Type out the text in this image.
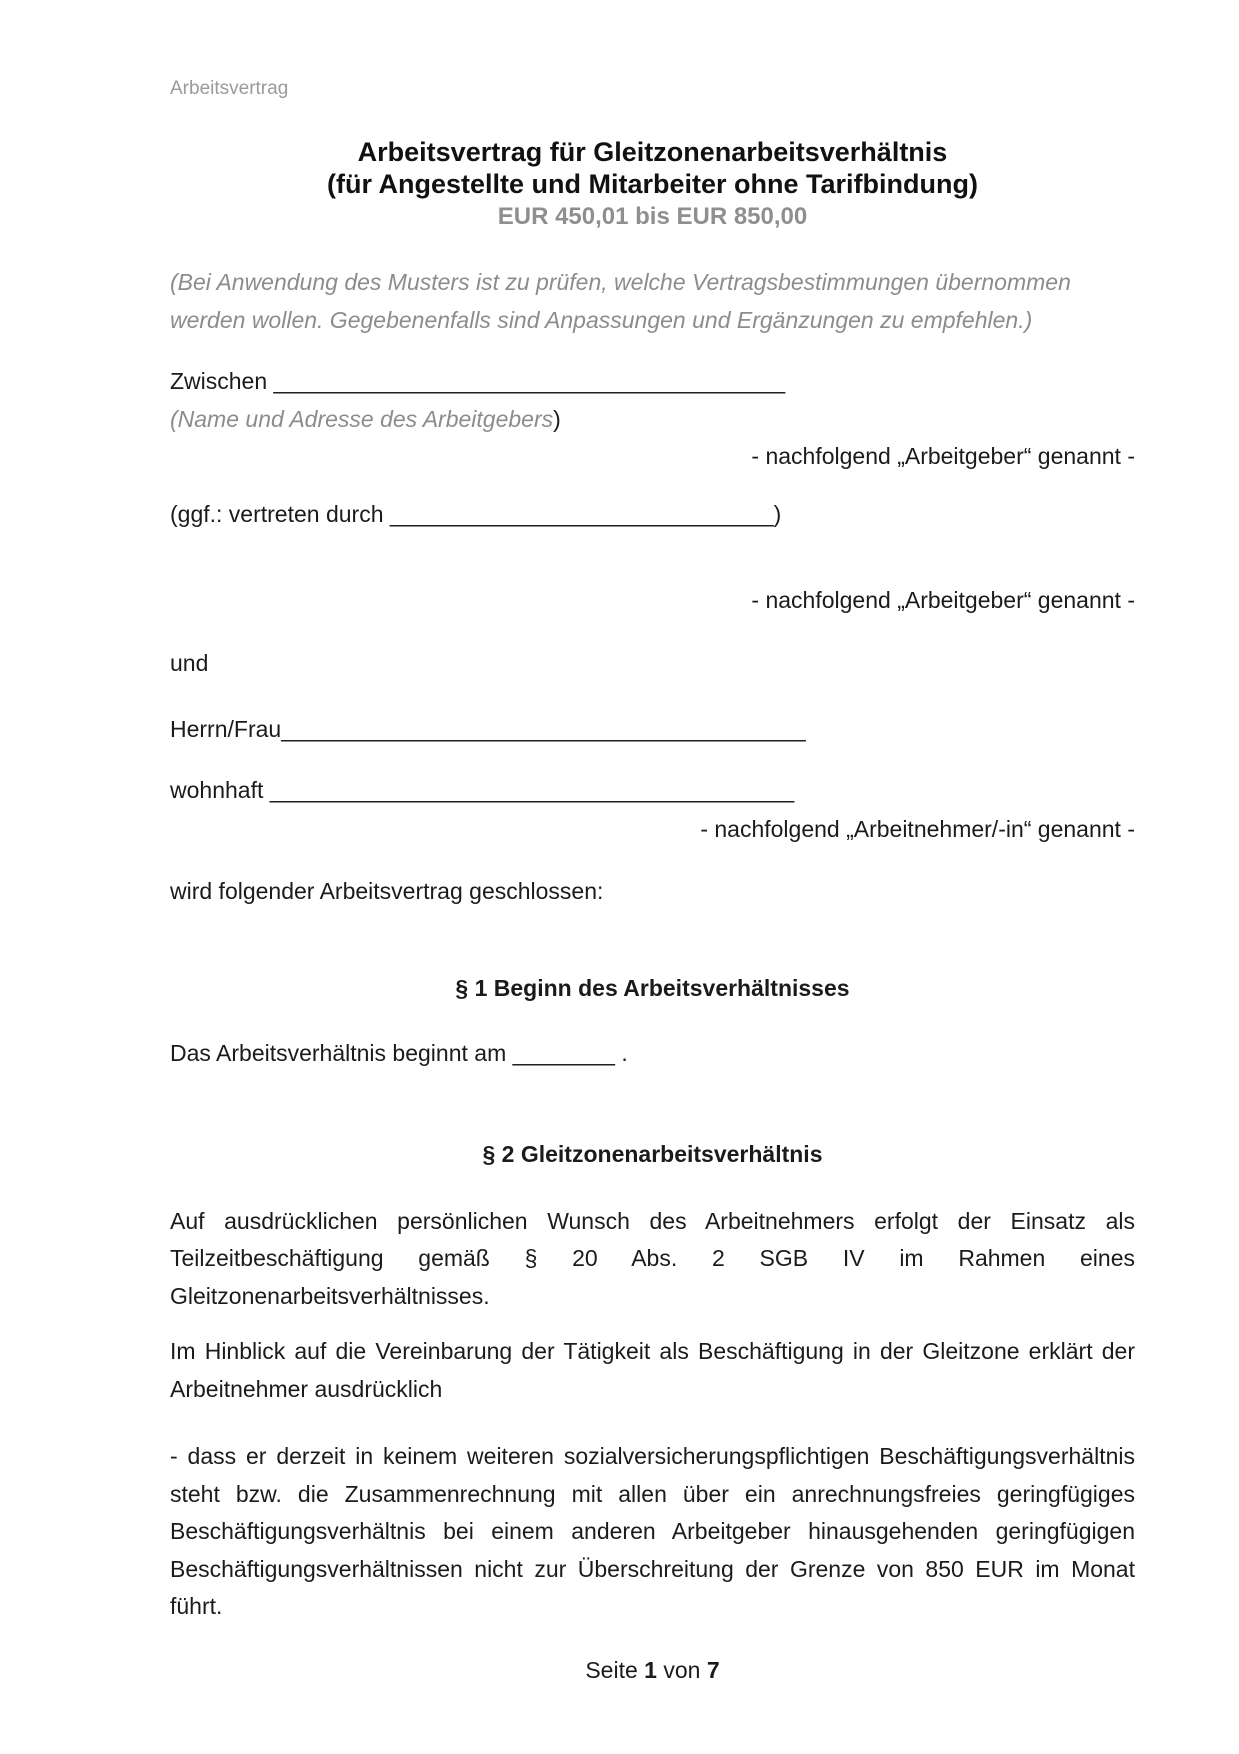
Arbeitsvertrag
Arbeitsvertrag für Gleitzonenarbeitsverhältnis
(für Angestellte und Mitarbeiter ohne Tarifbindung)
EUR 450,01 bis EUR 850,00
(Bei Anwendung des Musters ist zu prüfen, welche Vertragsbestimmungen übernommen werden wollen. Gegebenenfalls sind Anpassungen und Ergänzungen zu empfehlen.)
Zwischen ________________________________________
(Name und Adresse des Arbeitgebers)
- nachfolgend „Arbeitgeber“ genannt -
(ggf.: vertreten durch ______________________________)
- nachfolgend „Arbeitgeber“ genannt -
und
Herrn/Frau_________________________________________
wohnhaft _________________________________________
- nachfolgend „Arbeitnehmer/-in“ genannt -
wird folgender Arbeitsvertrag geschlossen:
§ 1 Beginn des Arbeitsverhältnisses
Das Arbeitsverhältnis beginnt am ________ .
§ 2 Gleitzonenarbeitsverhältnis
Auf ausdrücklichen persönlichen Wunsch des Arbeitnehmers erfolgt der Einsatz als Teilzeitbeschäftigung gemäß § 20 Abs. 2 SGB IV im Rahmen eines Gleitzonenarbeitsverhältnisses.
Im Hinblick auf die Vereinbarung der Tätigkeit als Beschäftigung in der Gleitzone erklärt der Arbeitnehmer ausdrücklich
- dass er derzeit in keinem weiteren sozialversicherungspflichtigen Beschäftigungsverhältnis steht bzw. die Zusammenrechnung mit allen über ein anrechnungsfreies geringfügiges Beschäftigungsverhältnis bei einem anderen Arbeitgeber hinausgehenden geringfügigen Beschäftigungsverhältnissen nicht zur Überschreitung der Grenze von 850 EUR im Monat führt.
Seite 1 von 7
